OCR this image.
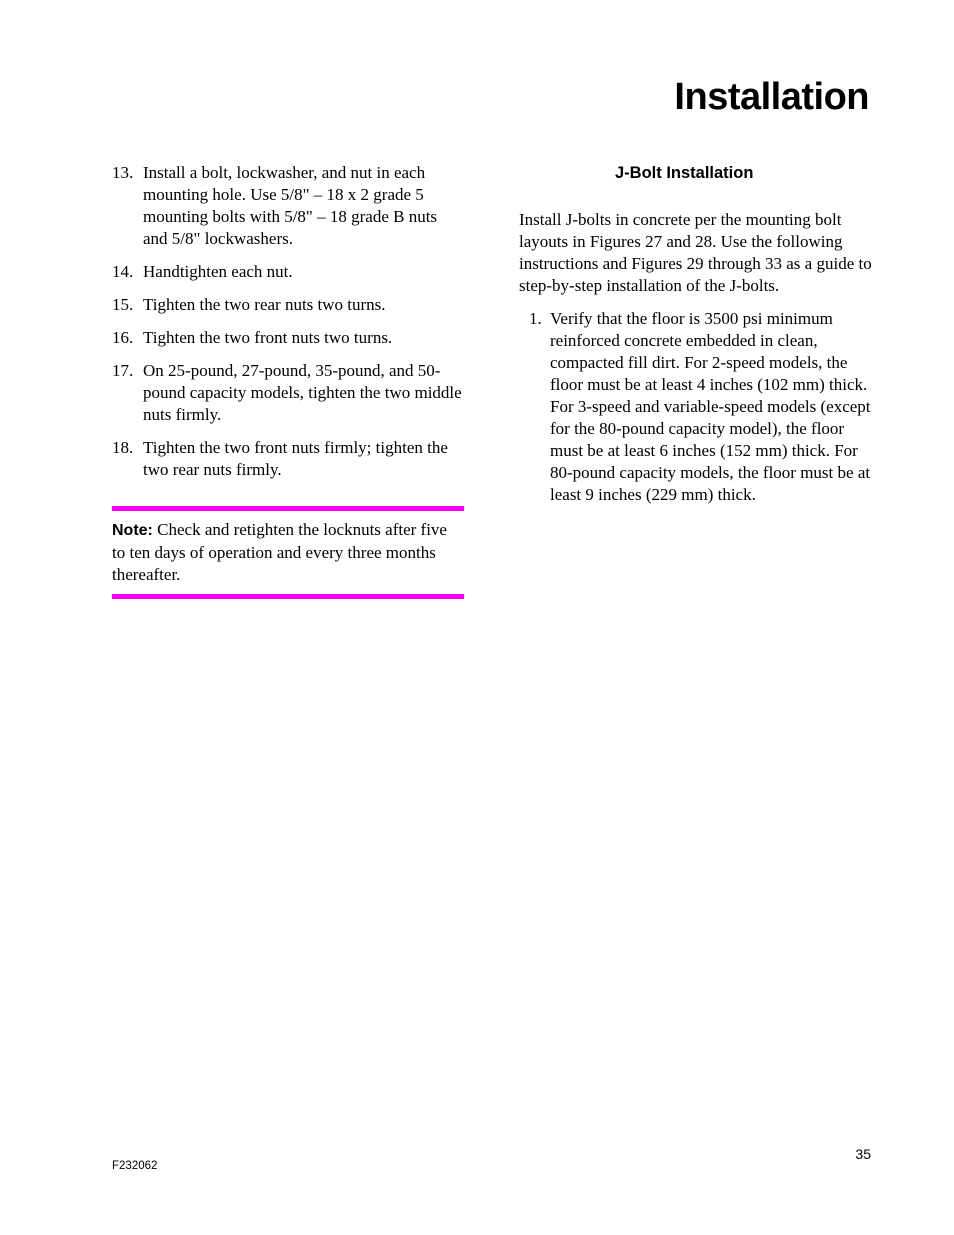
Installation
13. Install a bolt, lockwasher, and nut in each mounting hole. Use 5/8" – 18 x 2 grade 5 mounting bolts with 5/8" – 18 grade B nuts and 5/8" lockwashers.
14. Handtighten each nut.
15. Tighten the two rear nuts two turns.
16. Tighten the two front nuts two turns.
17. On 25-pound, 27-pound, 35-pound, and 50-pound capacity models, tighten the two middle nuts firmly.
18. Tighten the two front nuts firmly; tighten the two rear nuts firmly.
Note: Check and retighten the locknuts after five to ten days of operation and every three months thereafter.
J-Bolt Installation

Install J-bolts in concrete per the mounting bolt layouts in Figures 27 and 28. Use the following instructions and Figures 29 through 33 as a guide to step-by-step installation of the J-bolts.

1. Verify that the floor is 3500 psi minimum reinforced concrete embedded in clean, compacted fill dirt. For 2-speed models, the floor must be at least 4 inches (102 mm) thick. For 3-speed and variable-speed models (except for the 80-pound capacity model), the floor must be at least 6 inches (152 mm) thick. For 80-pound capacity models, the floor must be at least 9 inches (229 mm) thick.
35
F232062
